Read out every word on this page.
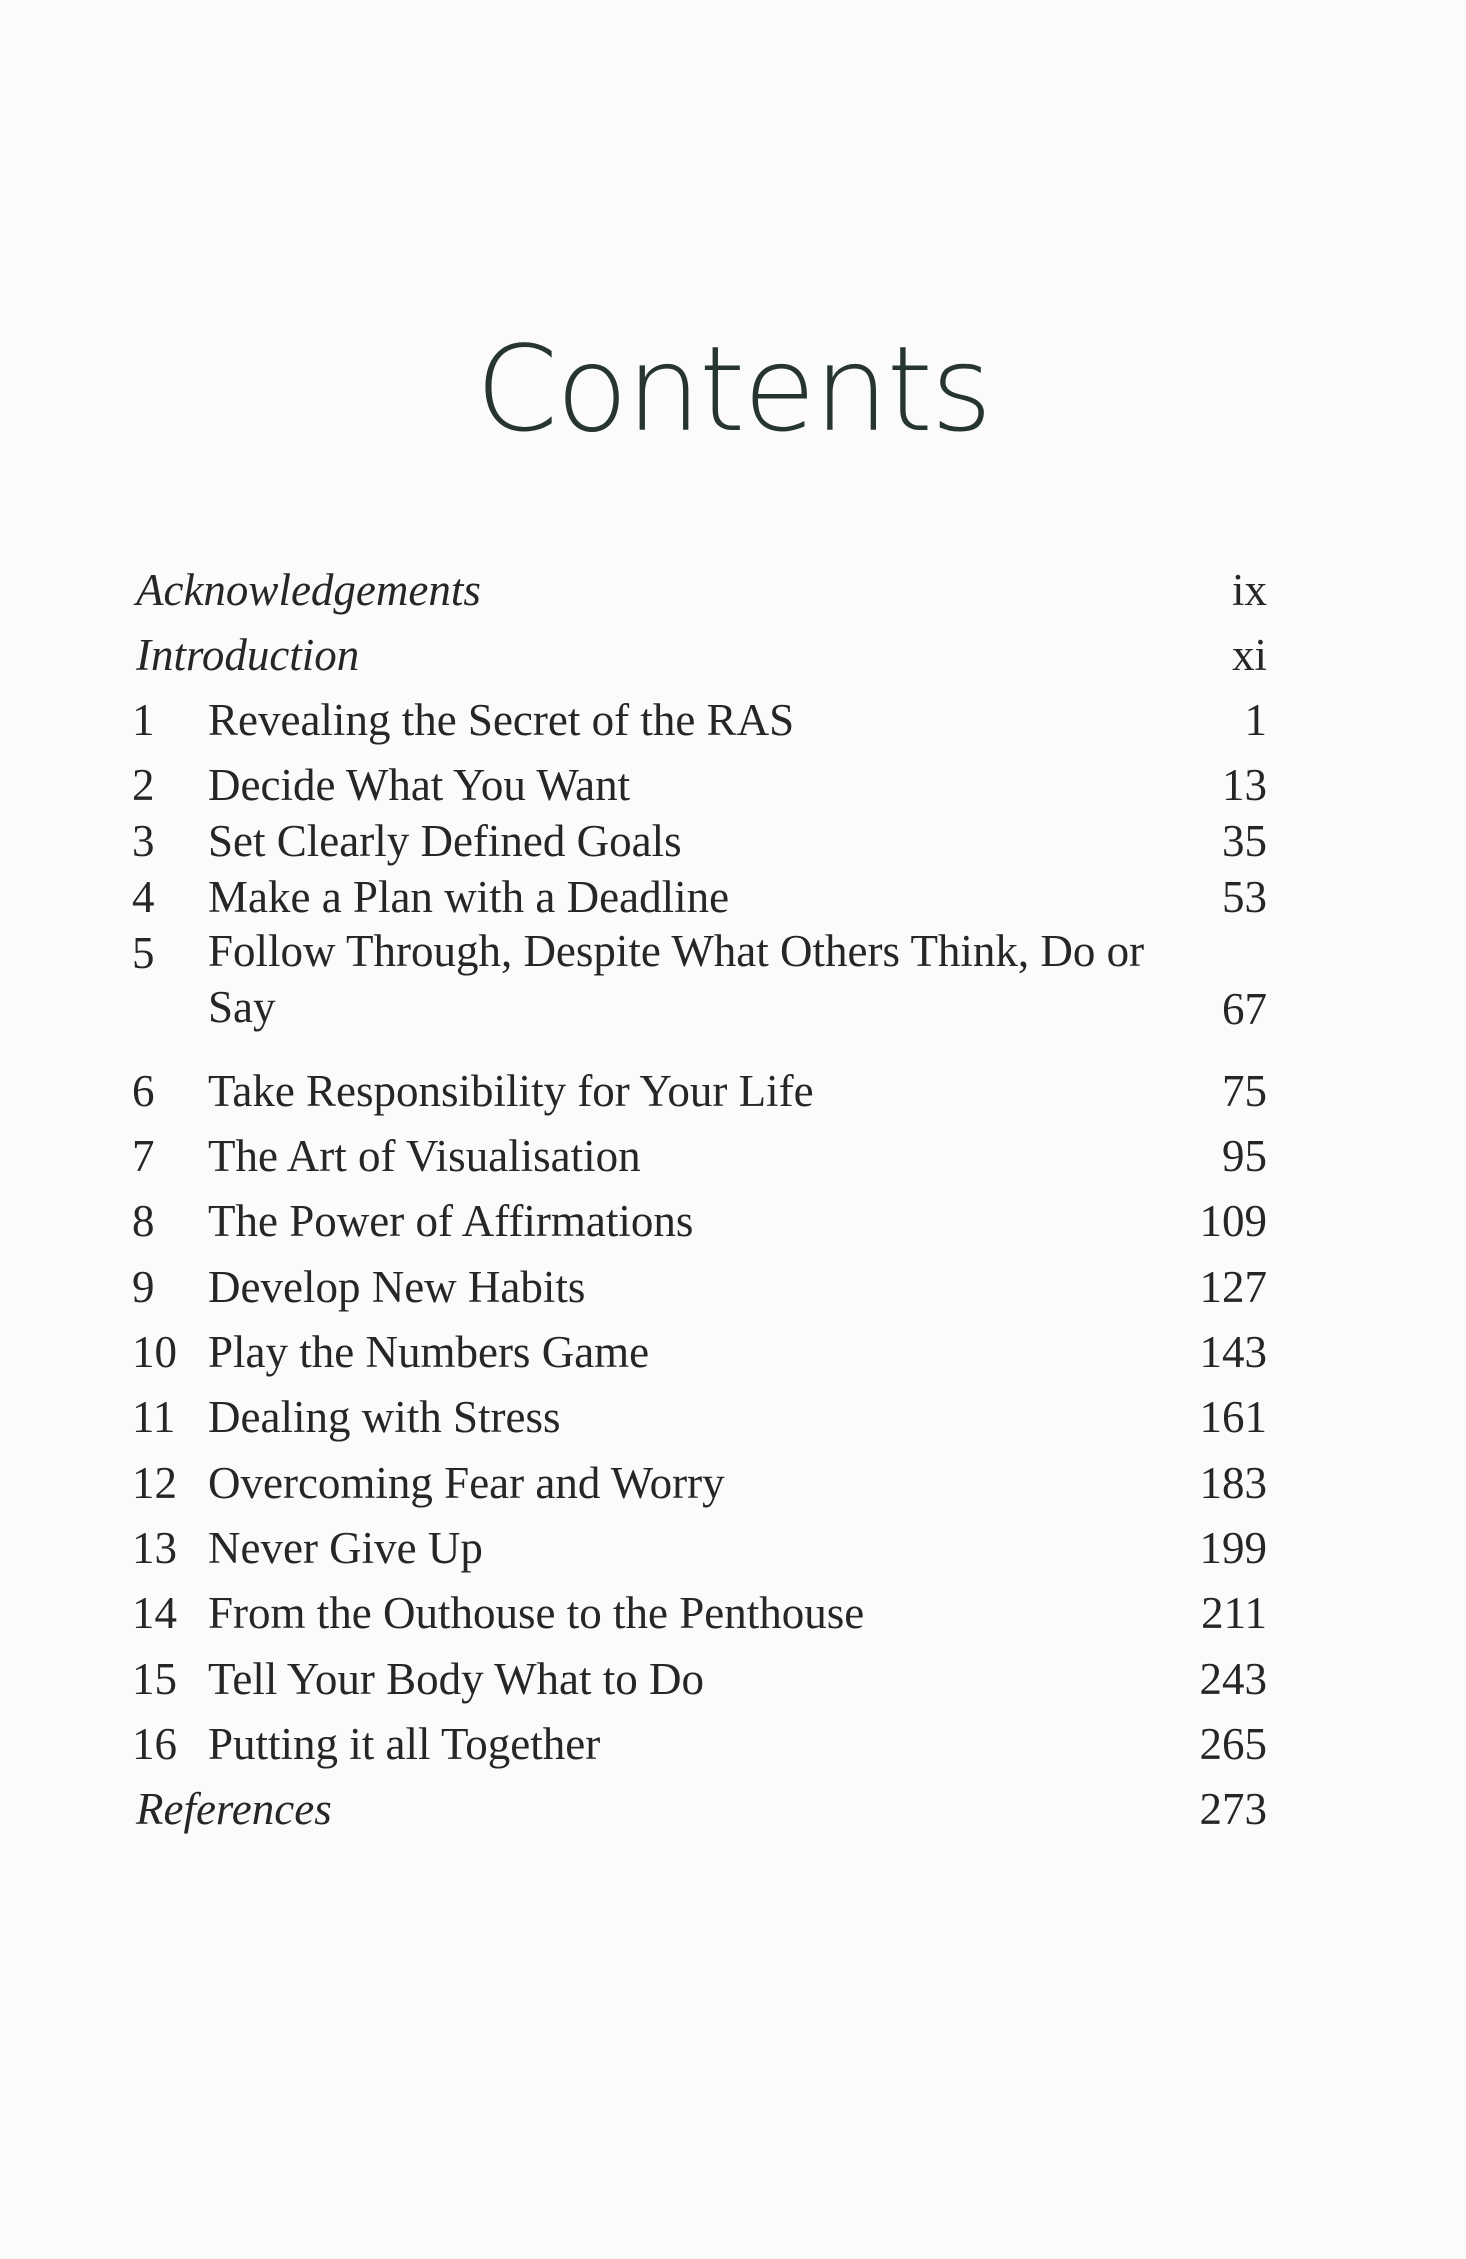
Contents
Acknowledgements	ix
Introduction	xi
1	Revealing the Secret of the RAS	1
2	Decide What You Want	13
3	Set Clearly Defined Goals	35
4	Make a Plan with a Deadline	53
5	Follow Through, Despite What Others Think, Do or Say	67
6	Take Responsibility for Your Life	75
7	The Art of Visualisation	95
8	The Power of Affirmations	109
9	Develop New Habits	127
10 Play the Numbers Game	143
11 Dealing with Stress	161
12 Overcoming Fear and Worry	183
13 Never Give Up	199
14 From the Outhouse to the Penthouse	211
15 Tell Your Body What to Do	243
16 Putting it all Together	265
References	273
